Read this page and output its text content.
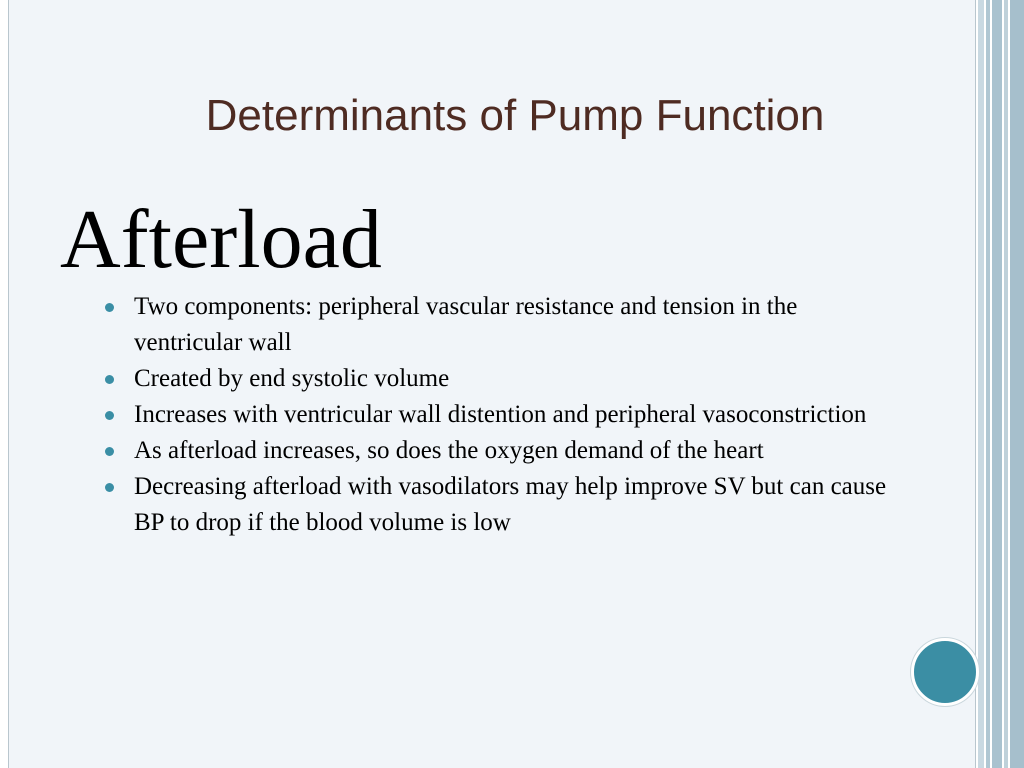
Determinants of Pump Function
Afterload
Two components: peripheral vascular resistance and tension in the ventricular wall
Created by end systolic volume
Increases with ventricular wall distention and peripheral vasoconstriction
As afterload increases, so does the oxygen demand of the heart
Decreasing afterload with vasodilators may help improve SV but can cause BP to drop if the blood volume is low
